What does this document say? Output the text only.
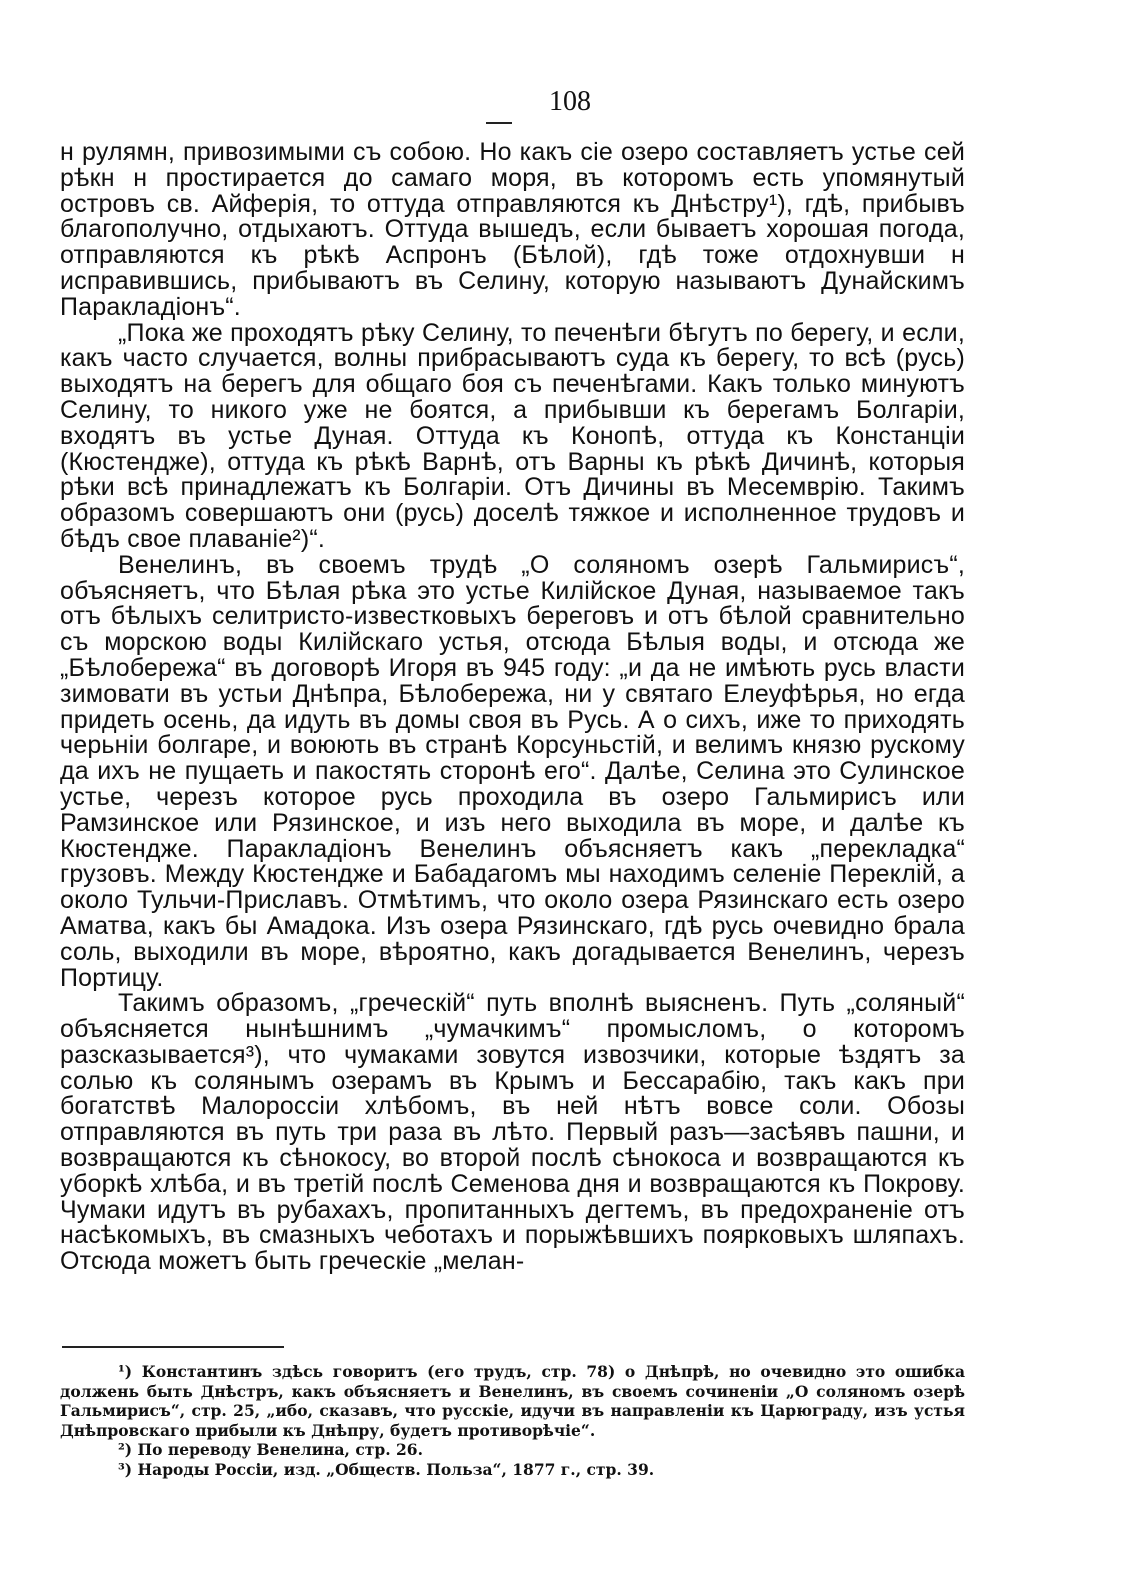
108

н рулямн, привозимыми съ собою. Но какъ сіе озеро составляетъ устье сей рѣкн н простирается до самаго моря, въ которомъ есть упомянутый островъ св. Айферія, то оттуда отправляются къ Днѣстру¹), гдѣ, прибывъ благополучно, отдыхаютъ. Оттуда вышедъ, если бываетъ хорошая погода, отправляются къ рѣкѣ Аспронъ (Бѣлой), гдѣ тоже отдохнувши н исправившись, прибываютъ въ Селину, которую называютъ Дунайскимъ Паракладіонъ“.

„Пока же проходятъ рѣку Селину, то печенѣги бѣгутъ по берегу, и если, какъ часто случается, волны прибрасываютъ суда къ берегу, то всѣ (русь) выходятъ на берегъ для общаго боя съ печенѣгами. Какъ только минуютъ Селину, то никого уже не боятся, а прибывши къ берегамъ Болгаріи, входятъ въ устье Дуная. Оттуда къ Конопѣ, оттуда къ Констанціи (Кюстендже), оттуда къ рѣкѣ Варнѣ, отъ Варны къ рѣкѣ Дичинѣ, которыя рѣки всѣ принадлежатъ къ Болгаріи. Отъ Дичины въ Месемврію. Такимъ образомъ совершаютъ они (русь) доселѣ тяжкое и исполненное трудовъ и бѣдъ свое плаваніе²)“.

Венелинъ, въ своемъ трудѣ „О соляномъ озерѣ Гальмирисъ“, объясняетъ, что Бѣлая рѣка это устье Килійское Дуная, называемое такъ отъ бѣлыхъ селитристо-известковыхъ береговъ и отъ бѣлой сравнительно съ морскою воды Килійскаго устья, отсюда Бѣлыя воды, и отсюда же „Бѣлобережа“ въ договорѣ Игоря въ 945 году: „и да не имѣють русь власти зимовати въ устьи Днѣпра, Бѣлобережа, ни у святаго Елеуфѣрья, но егда придеть осень, да идуть въ домы своя въ Русь. А о сихъ, иже то приходять черьніи болгаре, и воюють въ странѣ Корсуньстій, и велимъ князю рускому да ихъ не пущаеть и пакостять сторонѣ его“. Далѣе, Селина это Сулинское устье, черезъ которое русь проходила въ озеро Гальмирисъ или Рамзинское или Рязинское, и изъ него выходила въ море, и далѣе къ Кюстендже. Паракладіонъ Венелинъ объясняетъ какъ „перекладка“ грузовъ. Между Кюстендже и Бабадагомъ мы находимъ селеніе Переклій, а около Тульчи-Приславъ. Отмѣтимъ, что около озера Рязинскаго есть озеро Аматва, какъ бы Амадока. Изъ озера Рязинскаго, гдѣ русь очевидно брала соль, выходили въ море, вѣроятно, какъ догадывается Венелинъ, черезъ Портицу.

Такимъ образомъ, „греческій“ путь вполнѣ выясненъ. Путь „соляный“ объясняется нынѣшнимъ „чумачкимъ“ промысломъ, о которомъ разсказывается³), что чумаками зовутся извозчики, которые ѣздятъ за солью къ солянымъ озерамъ въ Крымъ и Бессарабію, такъ какъ при богатствѣ Малороссіи хлѣбомъ, въ ней нѣтъ вовсе соли. Обозы отправляются въ путь три раза въ лѣто. Первый разъ—засѣявъ пашни, и возвращаются къ сѣнокосу, во второй послѣ сѣнокоса и возвращаются къ уборкѣ хлѣба, и въ третій послѣ Семенова дня и возвращаются къ Покрову. Чумаки идутъ въ рубахахъ, пропитанныхъ дегтемъ, въ предохраненіе отъ насѣкомыхъ, въ смазныхъ чеботахъ и порыжѣвшихъ поярковыхъ шляпахъ. Отсюда можетъ быть греческіе „мелан-

¹) Константинъ здѣсь говоритъ (его трудъ, стр. 78) о Днѣпрѣ, но очевидно это ошибка должень быть Днѣстръ, какъ объясняетъ и Венелинъ, въ своемъ сочиненіи „О соляномъ озерѣ Гальмирисъ“, стр. 25, „ибо, сказавъ, что русскіе, идучи въ направленіи къ Царюграду, изъ устья Днѣпровскаго прибыли къ Днѣпру, будетъ противорѣчіе“.

²) По переводу Венелина, стр. 26.

³) Народы Россіи, изд. „Обществ. Польза“, 1877 г., стр. 39.
